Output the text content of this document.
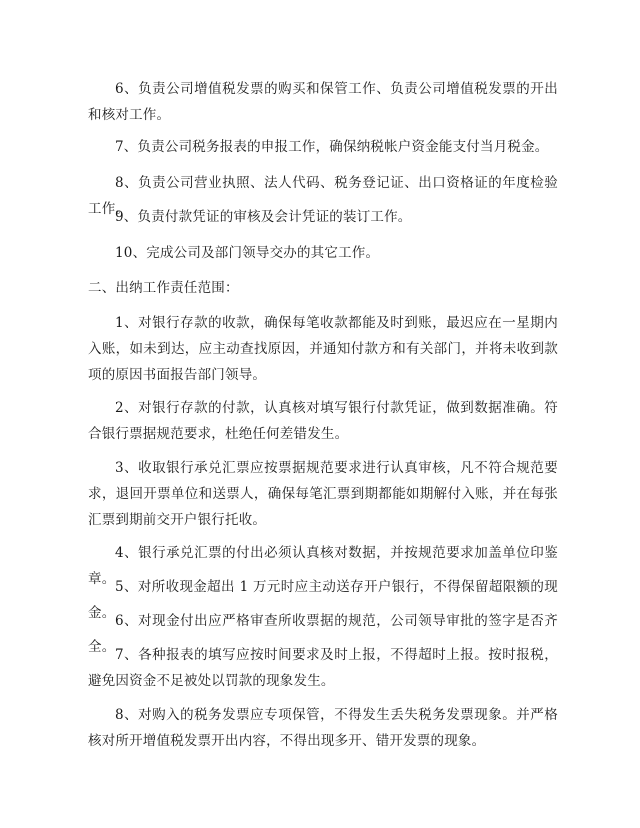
6、负责公司增值税发票的购买和保管工作、负责公司增值税发票的开出和核对工作。

7、负责公司税务报表的申报工作，确保纳税帐户资金能支付当月税金。

8、负责公司营业执照、法人代码、税务登记证、出口资格证的年度检验工作。

9、负责付款凭证的审核及会计凭证的装订工作。

10、完成公司及部门领导交办的其它工作。

二、出纳工作责任范围：

1、对银行存款的收款，确保每笔收款都能及时到账，最迟应在一星期内入账，如未到达，应主动查找原因，并通知付款方和有关部门，并将未收到款项的原因书面报告部门领导。

2、对银行存款的付款，认真核对填写银行付款凭证，做到数据准确。符合银行票据规范要求，杜绝任何差错发生。

3、收取银行承兑汇票应按票据规范要求进行认真审核，凡不符合规范要求，退回开票单位和送票人，确保每笔汇票到期都能如期解付入账，并在每张汇票到期前交开户银行托收。

4、银行承兑汇票的付出必须认真核对数据，并按规范要求加盖单位印鉴章。 5、对所收现金超出 1 万元时应主动送存开户银行，不得保留超限额的现金。 6、对现金付出应严格审查所收票据的规范，公司领导审批的签字是否齐全。 7、各种报表的填写应按时间要求及时上报，不得超时上报。按时报税，避免因资金不足被处以罚款的现象发生。

8、对购入的税务发票应专项保管，不得发生丢失税务发票现象。并严格核对所开增值税发票开出内容，不得出现多开、错开发票的现象。
